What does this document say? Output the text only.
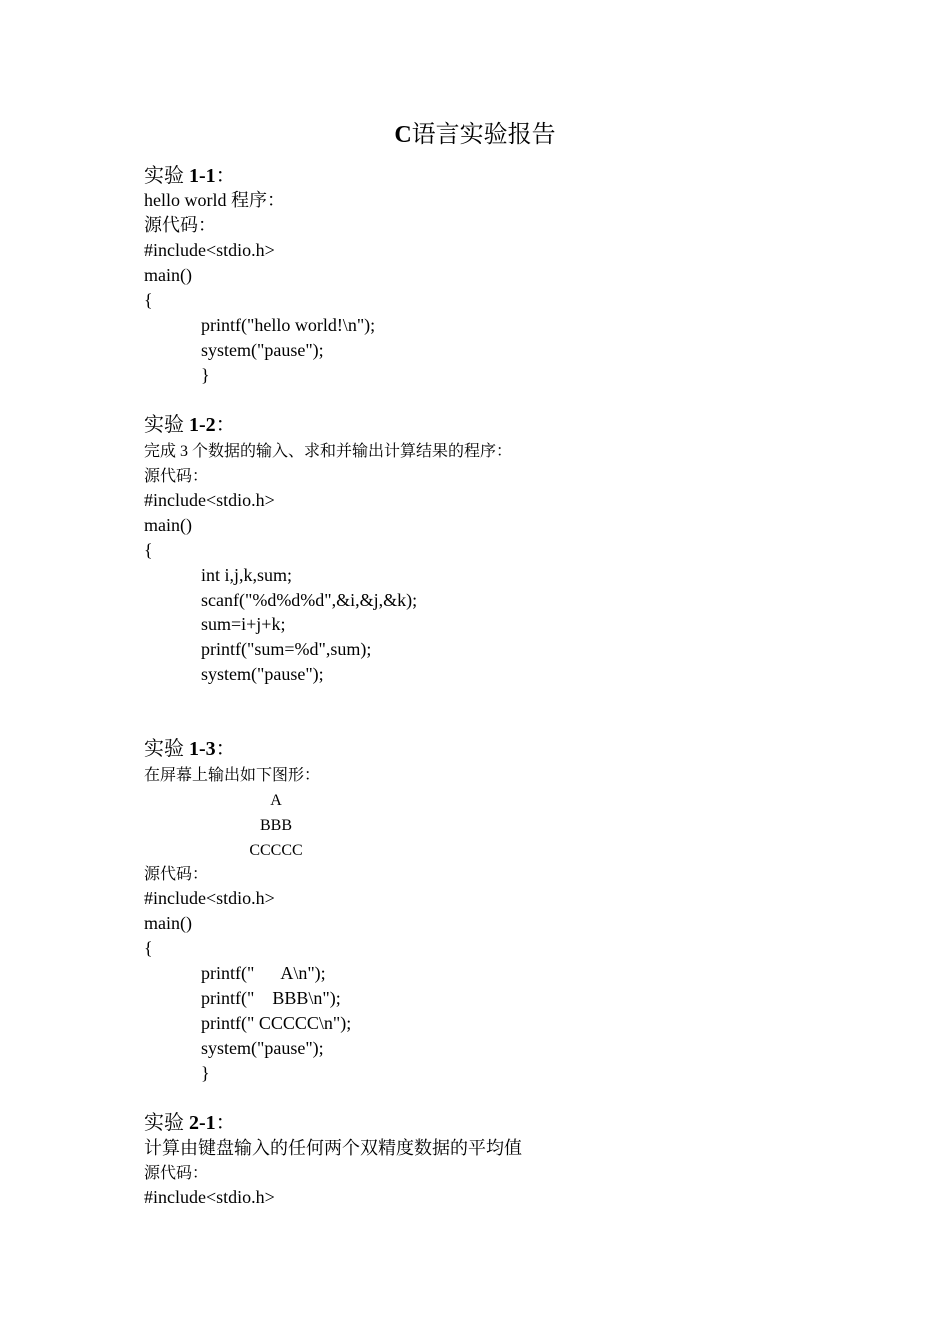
C语言实验报告
实验 1-1：
hello world 程序：
源代码：
#include<stdio.h>
main()
{
printf("hello world!\n");
system("pause");
}
实验 1-2：
完成 3 个数据的输入、求和并输出计算结果的程序：
源代码：
#include<stdio.h>
main()
{
int i,j,k,sum;
scanf("%d%d%d",&i,&j,&k);
sum=i+j+k;
printf("sum=%d",sum);
system("pause");
实验 1-3：
在屏幕上输出如下图形：
A
BBB
CCCCC
源代码：
#include<stdio.h>
main()
{
printf("      A\n");
printf("    BBB\n");
printf(" CCCCC\n");
system("pause");
}
实验 2-1：
计算由键盘输入的任何两个双精度数据的平均值
源代码：
#include<stdio.h>
